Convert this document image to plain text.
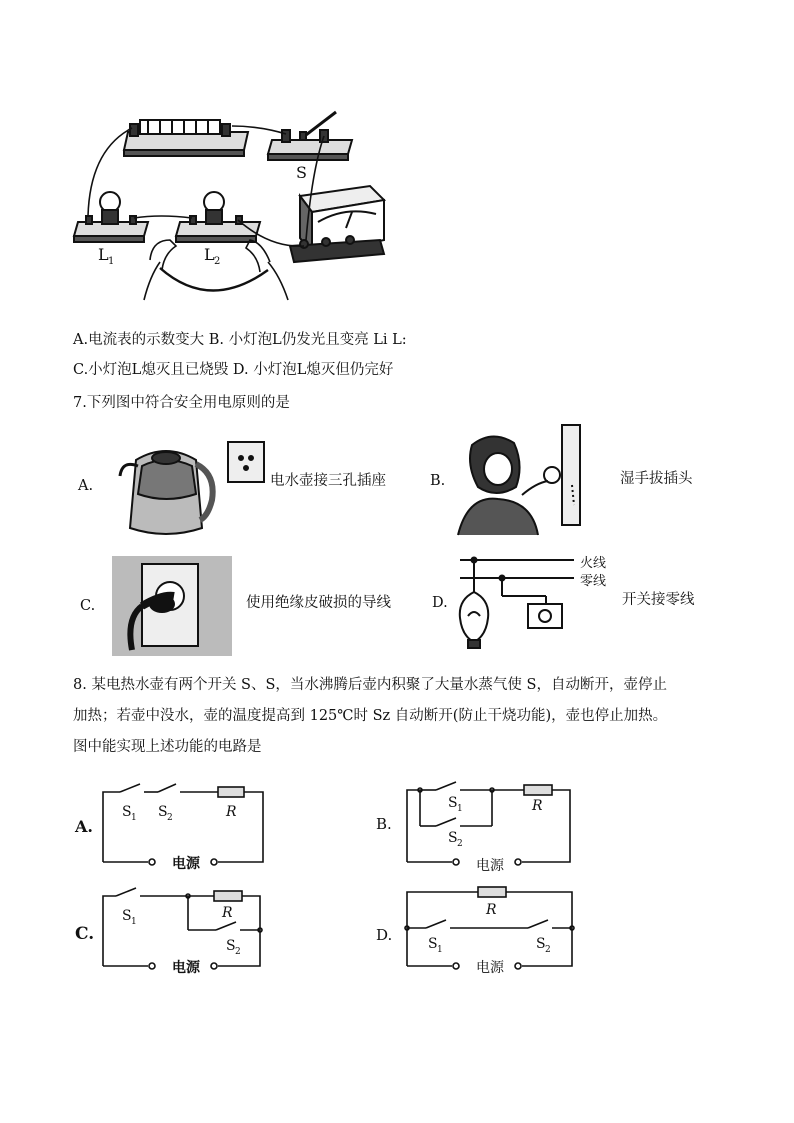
S
L 1	L 2
A.电流表的示数变大 B. 小灯泡L仍发光且变亮 Li L:
C.小灯泡L熄灭且已烧毁 D. 小灯泡L熄灭但仍完好
7.下列图中符合安全用电原则的是
A.	电水壶接三孔插座	B.	湿手拔插头
C.	使用绝缘皮破损的导线	D.
火线
零线
开关接零线
8. 某电热水壶有两个开关 S、S，当水沸腾后壶内积聚了大量水蒸气使 S，自动断开，壶停止
加热；若壶中没水，壶的温度提高到 125℃时 Sz 自动断开(防止干烧功能)，壶也停止加热。
图中能实现上述功能的电路是
S 1 S 2	R
电源
A.
S 1
S 2
R
电源
B.
S 1
R
S 2
电源
C.
R
S 1	S 2
电源
D.
